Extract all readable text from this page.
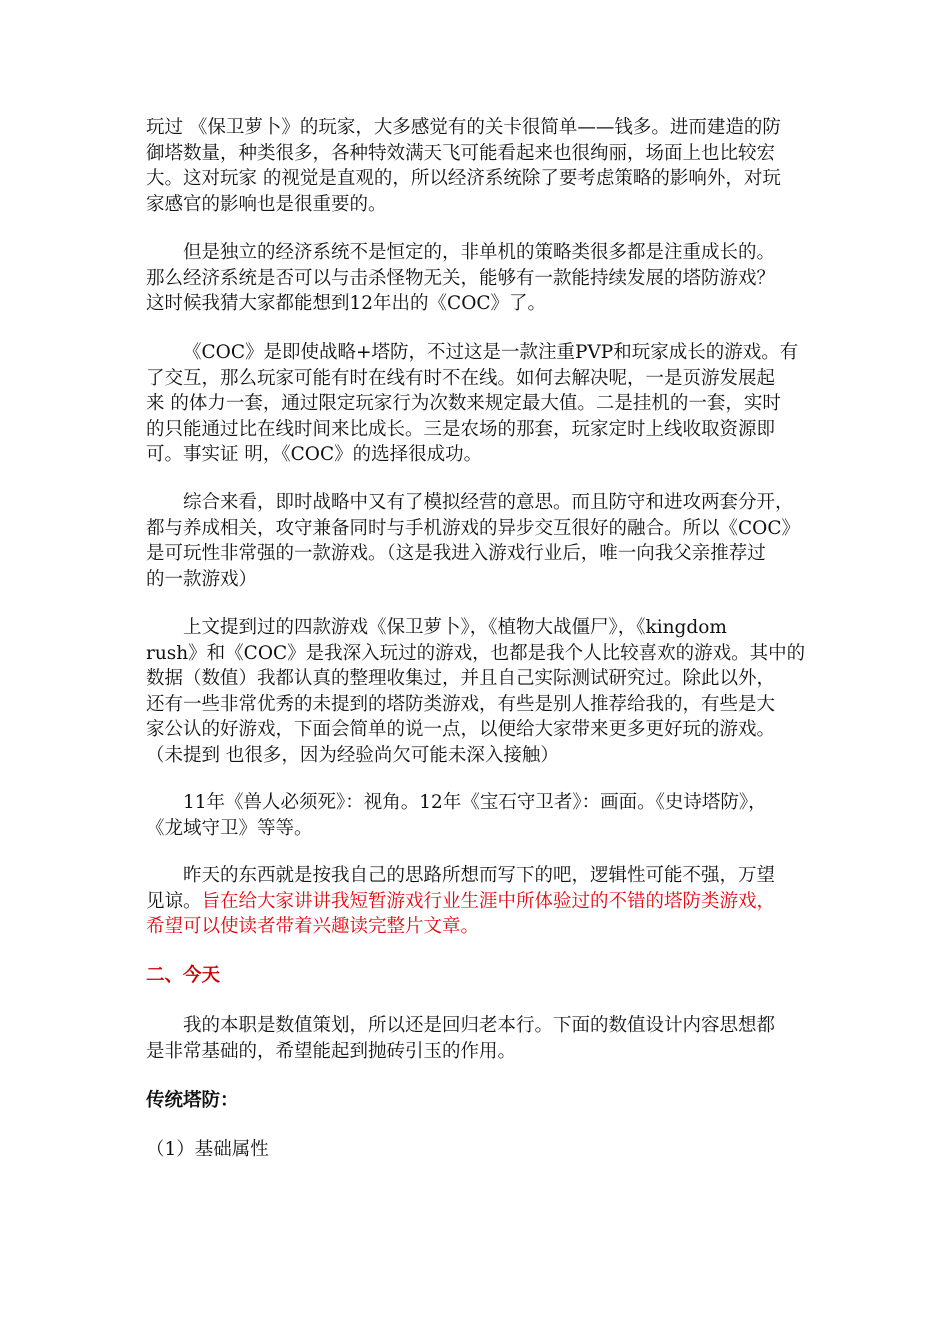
玩过 《保卫萝卜》的玩家，大多感觉有的关卡很简单——钱多。进而建造的防
御塔数量，种类很多，各种特效满天飞可能看起来也很绚丽，场面上也比较宏
大。这对玩家 的视觉是直观的，所以经济系统除了要考虑策略的影响外，对玩
家感官的影响也是很重要的。
但是独立的经济系统不是恒定的，非单机的策略类很多都是注重成长的。
那么经济系统是否可以与击杀怪物无关，能够有一款能持续发展的塔防游戏？
这时候我猜大家都能想到12年出的《COC》了。
《COC》是即使战略+塔防，不过这是一款注重PVP和玩家成长的游戏。有
了交互，那么玩家可能有时在线有时不在线。如何去解决呢，一是页游发展起
来 的体力一套，通过限定玩家行为次数来规定最大值。二是挂机的一套，实时
的只能通过比在线时间来比成长。三是农场的那套，玩家定时上线收取资源即
可。事实证 明，《COC》的选择很成功。
综合来看，即时战略中又有了模拟经营的意思。而且防守和进攻两套分开，
都与养成相关，攻守兼备同时与手机游戏的异步交互很好的融合。所以《COC》
是可玩性非常强的一款游戏。（这是我进入游戏行业后，唯一向我父亲推荐过
的一款游戏）
上文提到过的四款游戏《保卫萝卜》，《植物大战僵尸》，《kingdom
rush》和《COC》是我深入玩过的游戏，也都是我个人比较喜欢的游戏。其中的
数据（数值）我都认真的整理收集过，并且自己实际测试研究过。除此以外，
还有一些非常优秀的未提到的塔防类游戏，有些是别人推荐给我的，有些是大
家公认的好游戏，下面会简单的说一点，以便给大家带来更多更好玩的游戏。
（未提到 也很多，因为经验尚欠可能未深入接触）
11年《兽人必须死》：视角。12年《宝石守卫者》：画面。《史诗塔防》，
《龙域守卫》等等。
昨天的东西就是按我自己的思路所想而写下的吧，逻辑性可能不强，万望
见谅。旨在给大家讲讲我短暂游戏行业生涯中所体验过的不错的塔防类游戏，
希望可以使读者带着兴趣读完整片文章。
二、今天
我的本职是数值策划，所以还是回归老本行。下面的数值设计内容思想都
是非常基础的，希望能起到抛砖引玉的作用。
传统塔防：
（1）基础属性
